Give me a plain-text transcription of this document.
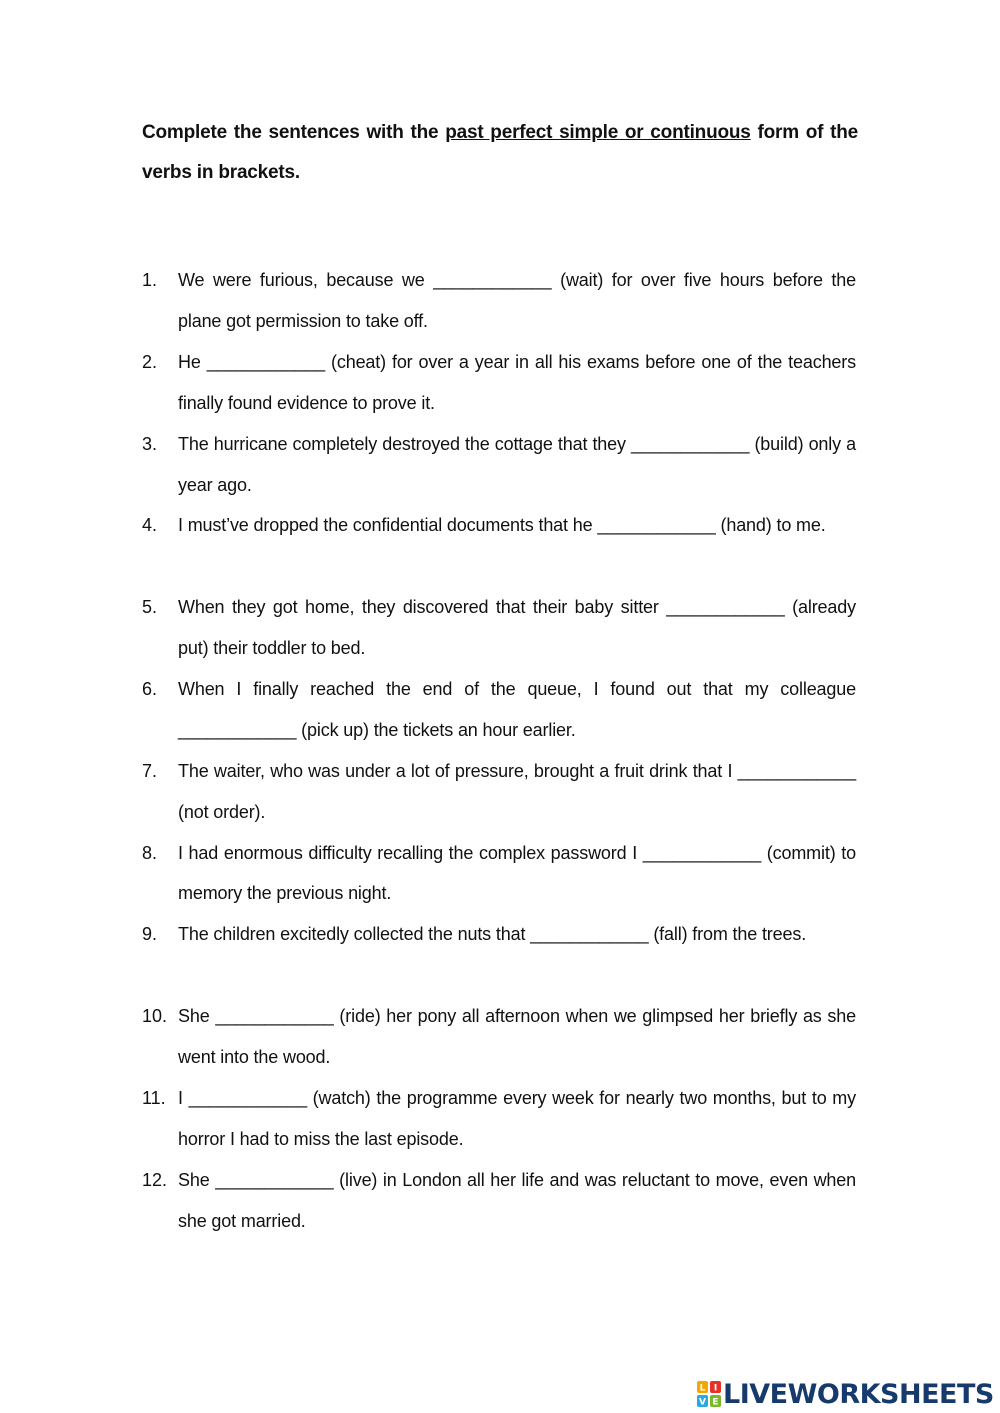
Complete the sentences with the past perfect simple or continuous form of the verbs in brackets.
1.	We were furious, because we ____________ (wait) for over five hours before the plane got permission to take off.
2.	He ____________ (cheat) for over a year in all his exams before one of the teachers finally found evidence to prove it.
3.	The hurricane completely destroyed the cottage that they ____________ (build) only a year ago.
4.	I must’ve dropped the confidential documents that he ____________ (hand) to me.
5.	When they got home, they discovered that their baby sitter ____________ (already put) their toddler to bed.
6.	When I finally reached the end of the queue, I found out that my colleague ____________ (pick up) the tickets an hour earlier.
7.	The waiter, who was under a lot of pressure, brought a fruit drink that I ____________ (not order).
8.	I had enormous difficulty recalling the complex password I ____________ (commit) to memory the previous night.
9.	The children excitedly collected the nuts that ____________ (fall) from the trees.
10. She ____________ (ride) her pony all afternoon when we glimpsed her briefly as she went into the wood.
11. I ____________ (watch) the programme every week for nearly two months, but to my horror I had to miss the last episode.
12. She ____________ (live) in London all her life and was reluctant to move, even when she got married.
L I
V E LIVEWORKSHEETS
